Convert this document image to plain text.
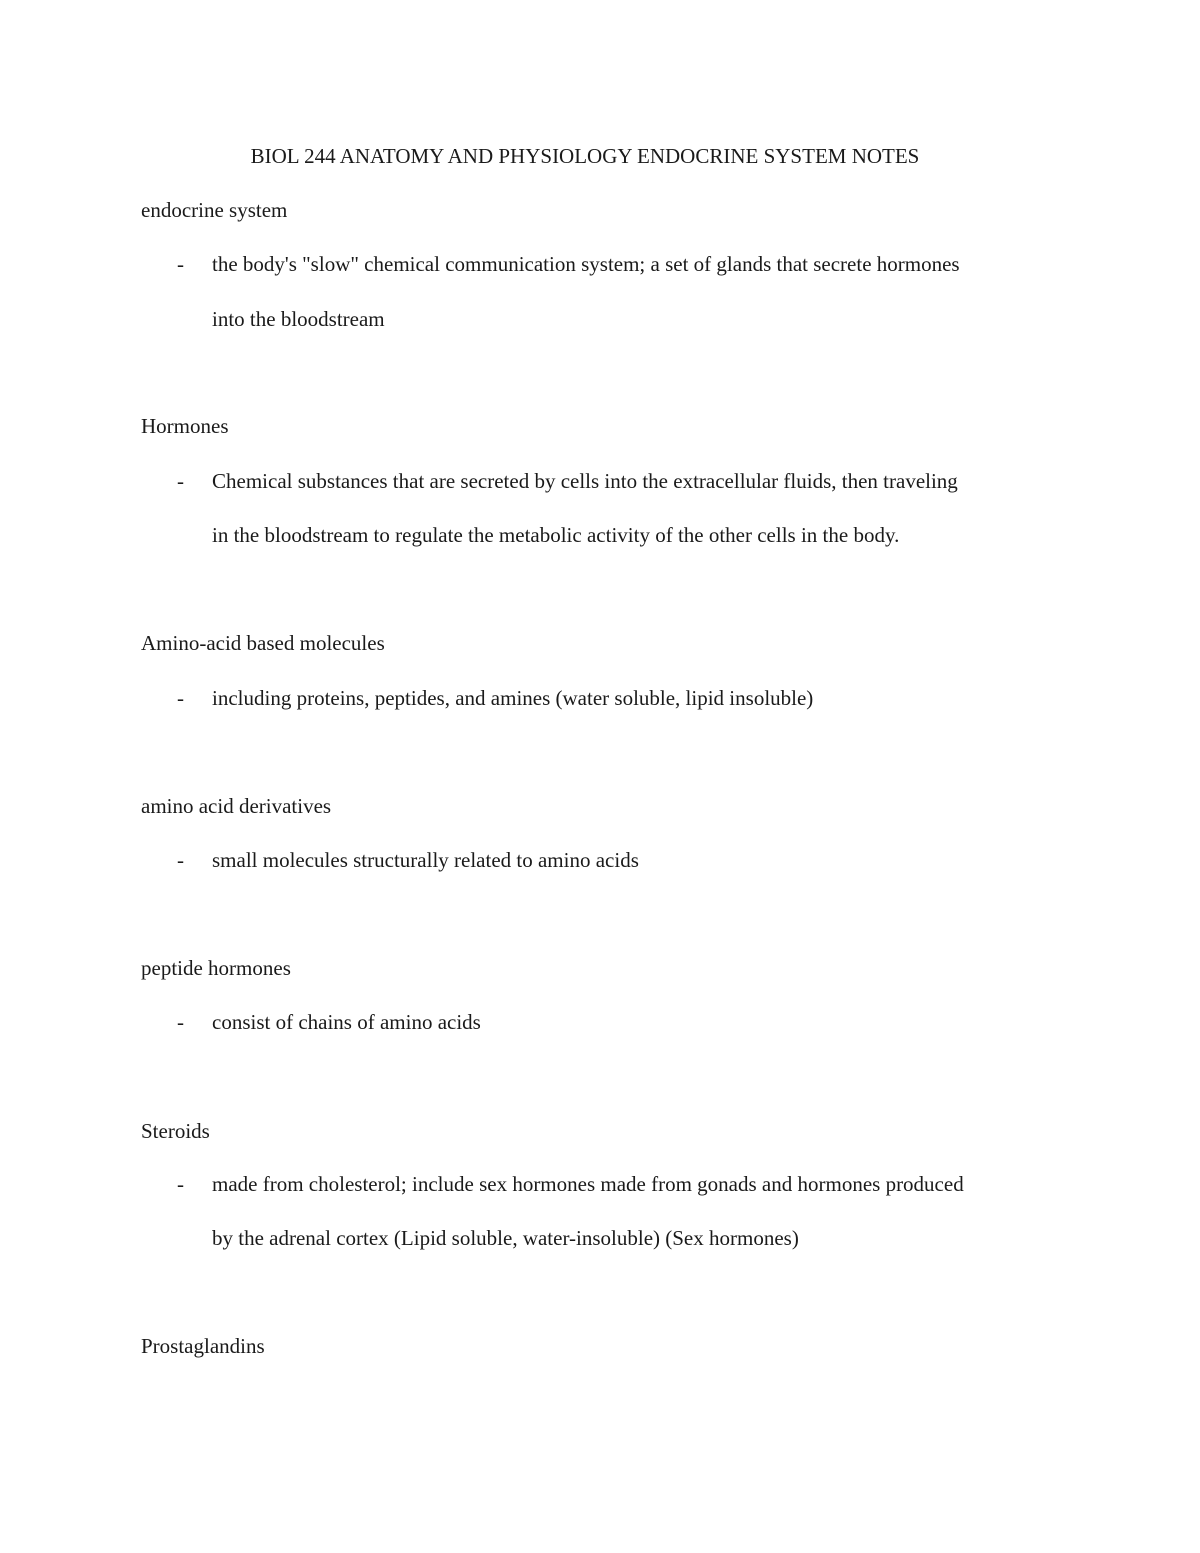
BIOL 244 ANATOMY AND PHYSIOLOGY ENDOCRINE SYSTEM NOTES
endocrine system
- the body's "slow" chemical communication system; a set of glands that secrete hormones
into the bloodstream
Hormones
- Chemical substances that are secreted by cells into the extracellular fluids, then traveling
in the bloodstream to regulate the metabolic activity of the other cells in the body.
Amino-acid based molecules
- including proteins, peptides, and amines (water soluble, lipid insoluble)
amino acid derivatives
- small molecules structurally related to amino acids
peptide hormones
- consist of chains of amino acids
Steroids
- made from cholesterol; include sex hormones made from gonads and hormones produced
by the adrenal cortex (Lipid soluble, water-insoluble) (Sex hormones)
Prostaglandins
